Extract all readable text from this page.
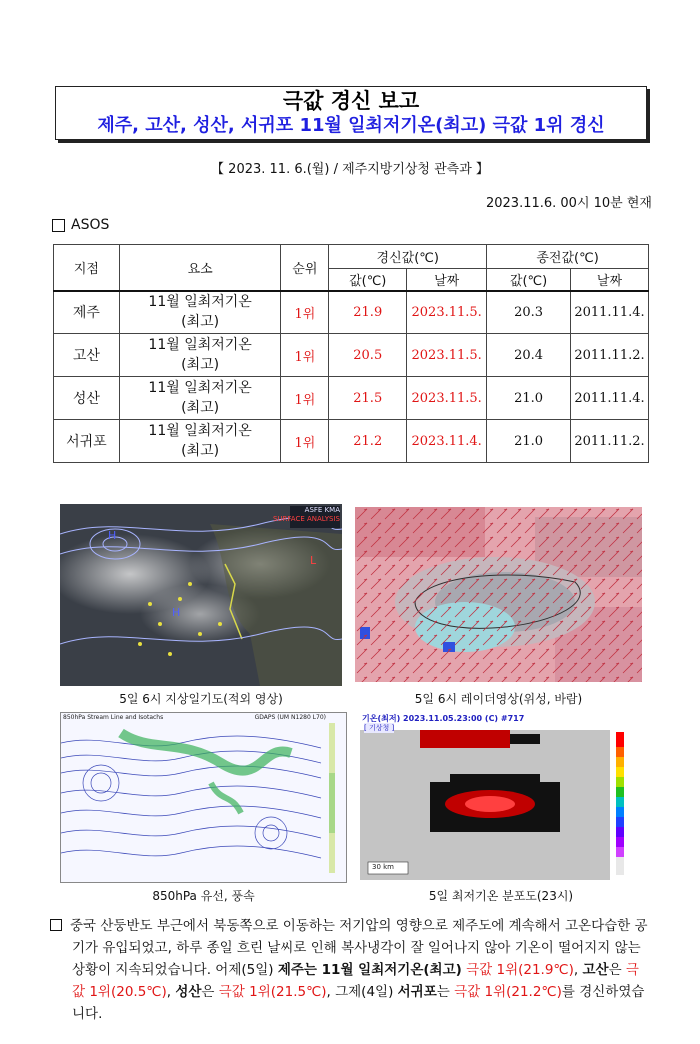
극값 경신 보고
제주, 고산, 성산, 서귀포 11월 일최저기온(최고) 극값 1위 경신
【 2023. 11. 6.(월) / 제주지방기상청 관측과 】
2023.11.6. 00시 10분 현재
ASOS
지점	요소	순위	경신값(℃)		종전값(℃)	
			값(℃)	날짜	값(℃)	날짜
제주	11월 일최저기온
(최고)	1위	21.9	2023.11.5.	20.3	2011.11.4.
고산	11월 일최저기온
(최고)	1위	20.5	2023.11.5.	20.4	2011.11.2.
성산	11월 일최저기온
(최고)	1위	21.5	2023.11.5.	21.0	2011.11.4.
서귀포	11월 일최저기온
(최고)	1위	21.2	2023.11.4.	21.0	2011.11.2.
H
H
L
ASFE KMA
SURFACE ANALYSIS
5일 6시 지상일기도(적외 영상)	5일 6시 레이더영상(위성, 바람)
850hPa Stream Line and Isotachs	GDAPS (UM N1280 L70)
850hPa 유선, 풍속
기온(최저) 2023.11.05.23:00 (C) #717
[ 기상청 ]
30 km
5일 최저기온 분포도(23시)

중국 산둥반도 부근에서 북동쪽으로 이동하는 저기압의 영향으로 제주도에 계속해서 고온다습한 공기가 유입되었고, 하루 종일 흐린 날씨로 인해 복사냉각이 잘 일어나지 않아 기온이 떨어지지 않는 상황이 지속되었습니다. 어제(5일) 제주는 11월 일최저기온(최고) 극값 1위(21.9℃), 고산은 극값 1위(20.5℃), 성산은 극값 1위(21.5℃), 그제(4일) 서귀포는 극값 1위(21.2℃)를 경신하였습니다.
